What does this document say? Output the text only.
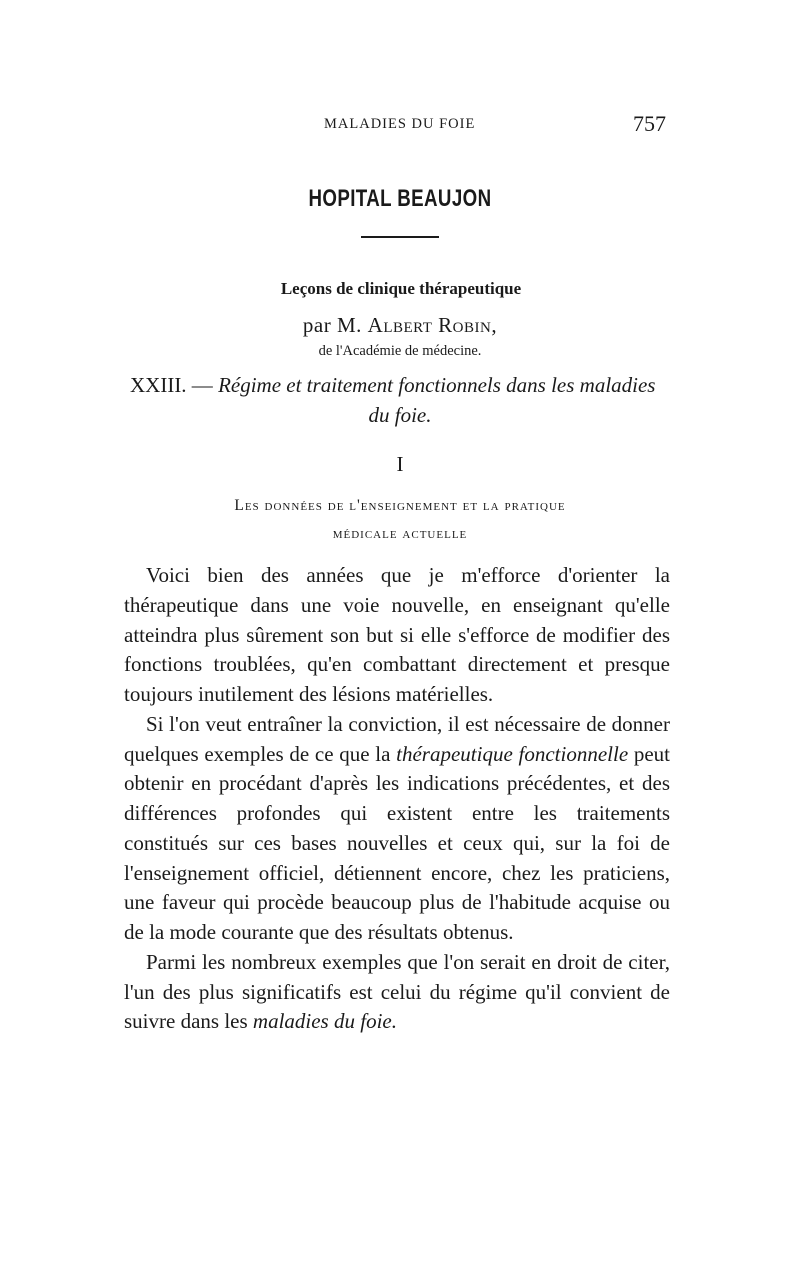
MALADIES DU FOIE	757
HOPITAL BEAUJON
Leçons de clinique thérapeutique
par M. Albert Robin,
de l'Académie de médecine.
XXIII. — Régime et traitement fonctionnels dans les maladies
du foie.
I
Les données de l'enseignement et la pratique
médicale actuelle

Voici bien des années que je m'efforce d'orienter la thérapeutique dans une voie nouvelle, en enseignant qu'elle atteindra plus sûrement son but si elle s'efforce de modifier des fonctions troublées, qu'en combattant directement et presque toujours inutilement des lésions matérielles.

Si l'on veut entraîner la conviction, il est nécessaire de donner quelques exemples de ce que la thérapeutique fonctionnelle peut obtenir en procédant d'après les indications précédentes, et des différences profondes qui existent entre les traitements constitués sur ces bases nouvelles et ceux qui, sur la foi de l'enseignement officiel, détiennent encore, chez les praticiens, une faveur qui procède beaucoup plus de l'habitude acquise ou de la mode courante que des résultats obtenus.

Parmi les nombreux exemples que l'on serait en droit de citer, l'un des plus significatifs est celui du régime qu'il convient de suivre dans les maladies du foie.
